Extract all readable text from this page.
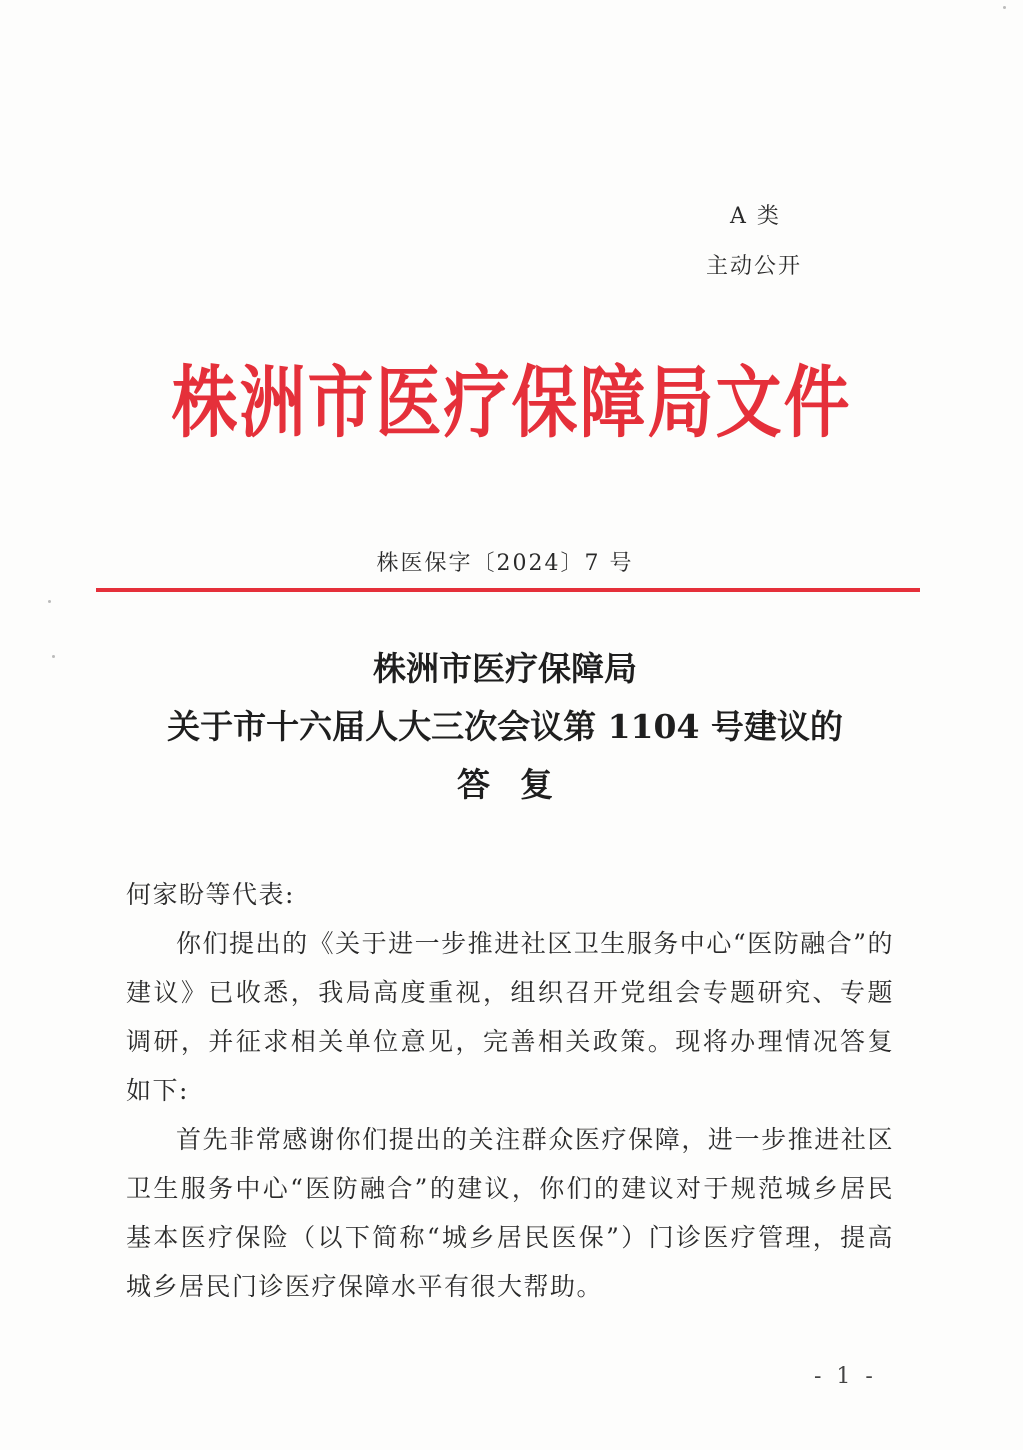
A 类
主动公开
株洲市医疗保障局文件
株医保字〔2024〕7 号
株洲市医疗保障局
关于市十六届人大三次会议第 1104 号建议的
答复

何家盼等代表:

你们提出的《关于进一步推进社区卫生服务中心“医防融合”的建议》已收悉，我局高度重视，组织召开党组会专题研究、专题调研，并征求相关单位意见，完善相关政策。现将办理情况答复如下:

首先非常感谢你们提出的关注群众医疗保障，进一步推进社区卫生服务中心“医防融合”的建议，你们的建议对于规范城乡居民基本医疗保险（以下简称“城乡居民医保”）门诊医疗管理，提高城乡居民门诊医疗保障水平有很大帮助。

- 1 -
